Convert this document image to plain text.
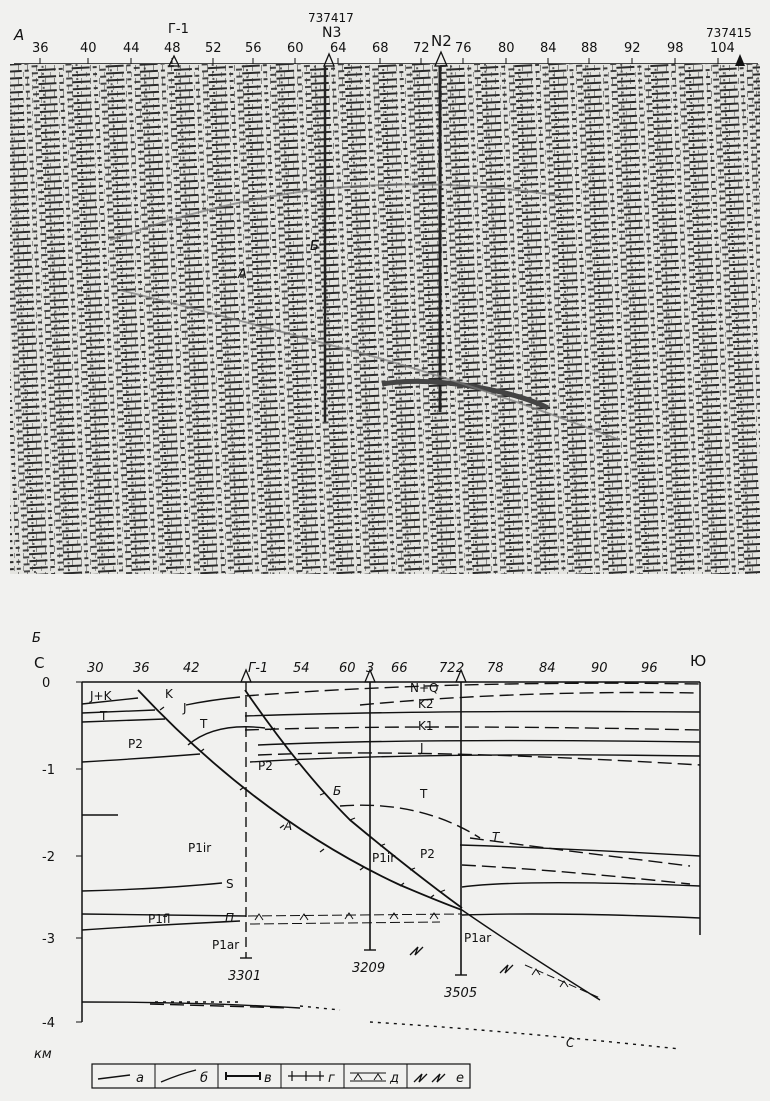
А
36 40 44 48 52 56 60 64 68 72 76 80 84 88 92 98 104
Г-1
737417
N3	N2	737415
Б
А
Б
С	Ю
30 36	42	Г-1 54 60 3 66 72 2 78	84	90	96
0
-1
-2
-3
-4
км
3301
3209
3505
J+K	K
J
T
T
P2
P2
P1ir
S
P1fl	П
P1ar
N+Q
K2
K1
J
T
T
P1ir P2
P1ar
Б
А
C
а	б	в	г	д	е
